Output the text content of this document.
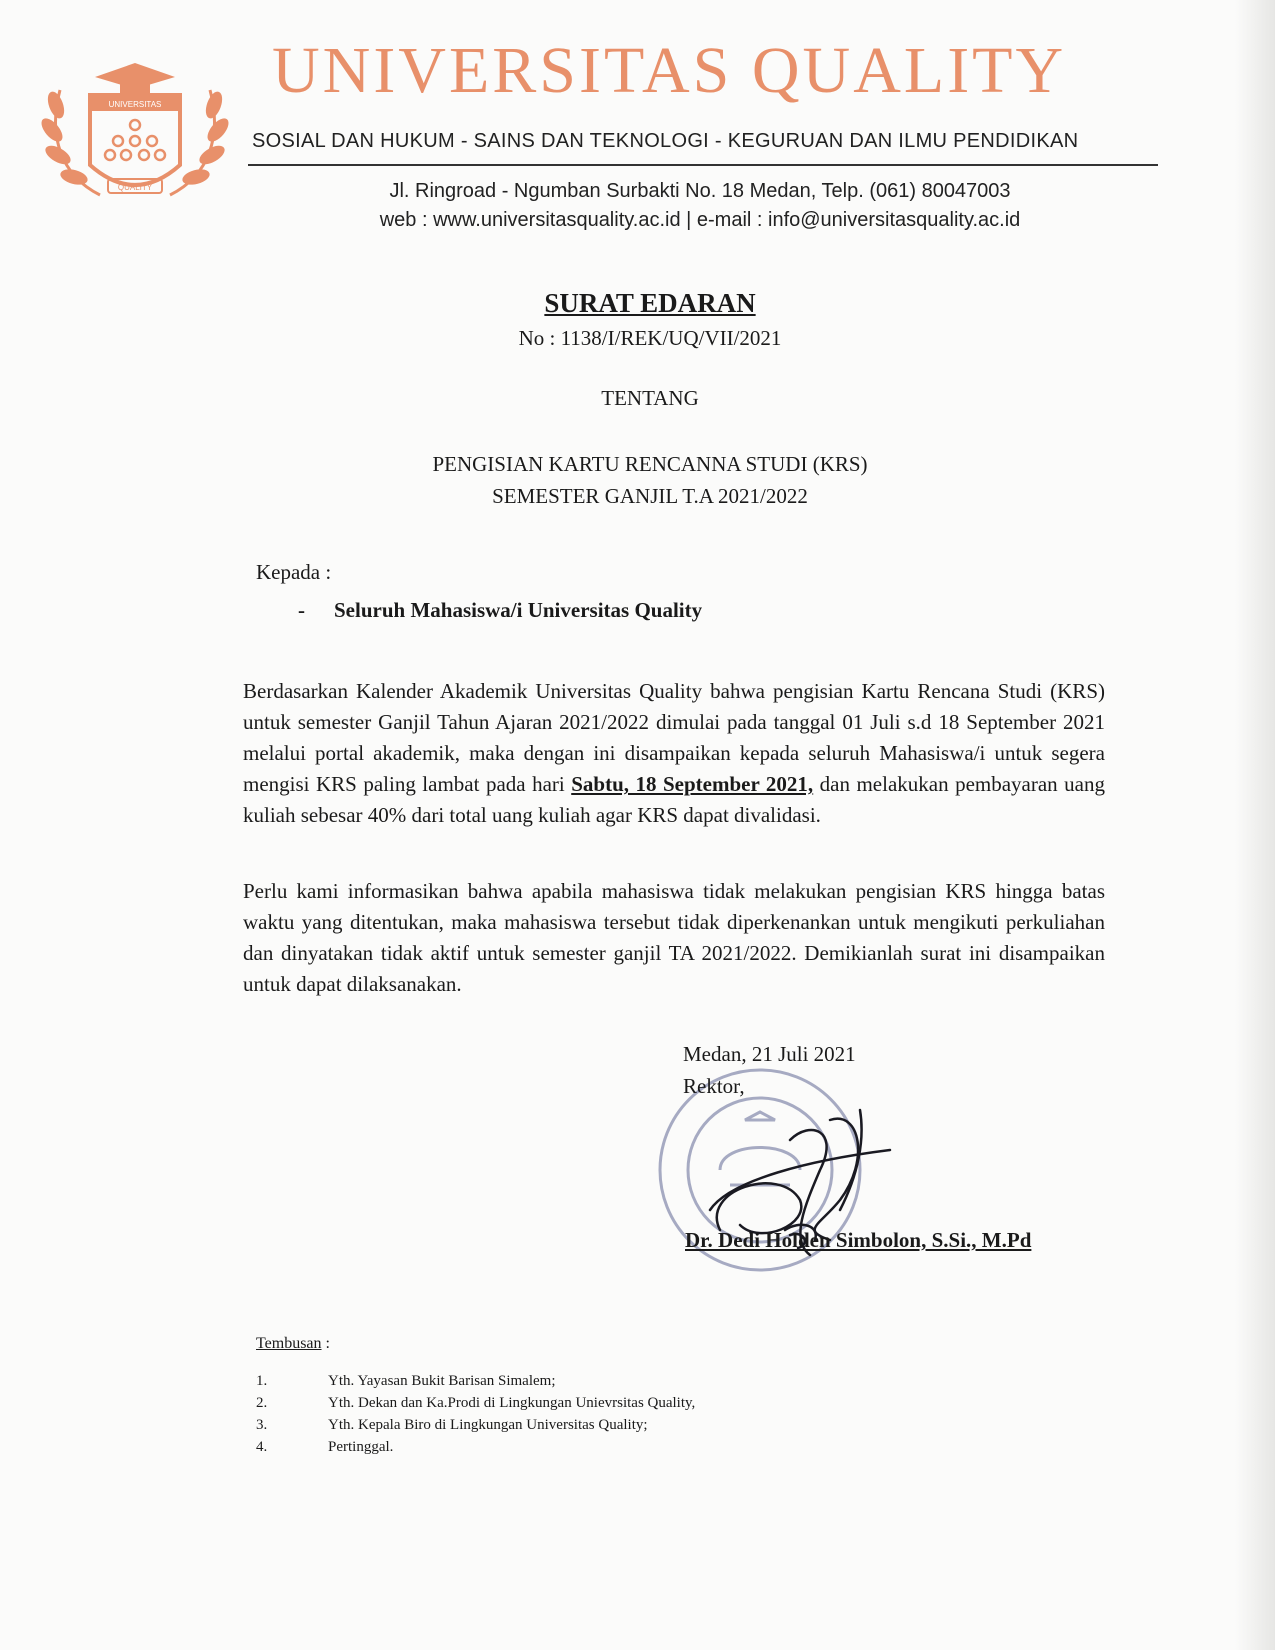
UNIVERSITAS
QUALITY
UNIVERSITAS QUALITY
SOSIAL DAN HUKUM - SAINS DAN TEKNOLOGI - KEGURUAN DAN ILMU PENDIDIKAN
Jl. Ringroad - Ngumban Surbakti No. 18 Medan, Telp. (061) 80047003
web : www.universitasquality.ac.id | e-mail : info@universitasquality.ac.id
SURAT EDARAN
No : 1138/I/REK/UQ/VII/2021
TENTANG
PENGISIAN KARTU RENCANNA STUDI (KRS)
SEMESTER GANJIL T.A 2021/2022
Kepada :
- Seluruh Mahasiswa/i Universitas Quality
Berdasarkan Kalender Akademik Universitas Quality bahwa pengisian Kartu Rencana Studi (KRS) untuk semester Ganjil Tahun Ajaran 2021/2022 dimulai pada tanggal 01 Juli s.d 18 September 2021 melalui portal akademik, maka dengan ini disampaikan kepada seluruh Mahasiswa/i untuk segera mengisi KRS paling lambat pada hari Sabtu, 18 September 2021, dan melakukan pembayaran uang kuliah sebesar 40% dari total uang kuliah agar KRS dapat divalidasi.
Perlu kami informasikan bahwa apabila mahasiswa tidak melakukan pengisian KRS hingga batas waktu yang ditentukan, maka mahasiswa tersebut tidak diperkenankan untuk mengikuti perkuliahan dan dinyatakan tidak aktif untuk semester ganjil TA 2021/2022. Demikianlah surat ini disampaikan untuk dapat dilaksanakan.
Medan, 21 Juli 2021
Rektor,
Dr. Dedi Holden Simbolon, S.Si., M.Pd
Tembusan :
1.	Yth. Yayasan Bukit Barisan Simalem;
2.	Yth. Dekan dan Ka.Prodi di Lingkungan Unievrsitas Quality,
3.	Yth. Kepala Biro di Lingkungan Universitas Quality;
4.	Pertinggal.
